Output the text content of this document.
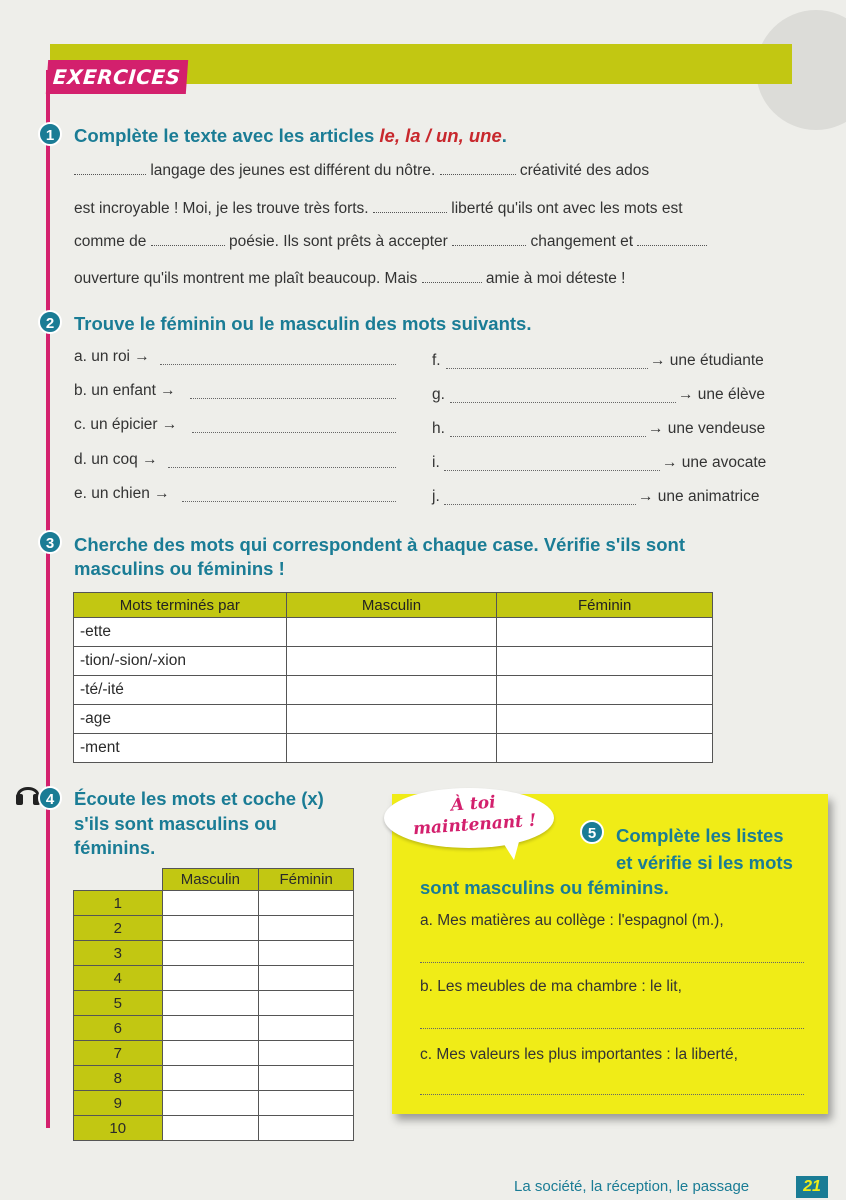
EXERCICES
1	Complète le texte avec les articles le, la / un, une.
langage des jeunes est différent du nôtre.	créativité des ados
est incroyable ! Moi, je les trouve très forts.	liberté qu'ils ont avec les mots est
comme de	poésie. Ils sont prêts à accepter	changement et
ouverture qu'ils montrent me plaît beaucoup. Mais	amie à moi déteste !
2	Trouve le féminin ou le masculin des mots suivants.
a. un roi →
b. un enfant →
c. un épicier →
d. un coq →
e. un chien →
f.	→ une étudiante
g.	→ une élève
h.	→ une vendeuse
i.	→ une avocate
j.	→ une animatrice
3	Cherche des mots qui correspondent à chaque case. Vérifie s'ils sont
masculins ou féminins !
Mots terminés par	Masculin	Féminin
-ette		
-tion/-sion/-xion		
-té/-ité		
-age		
-ment		
4	Écoute les mots et coche (x)
s'ils sont masculins ou
féminins.
	Masculin	Féminin
1		
2		
3		
4		
5		
6		
7		
8		
9		
10		
À toi
maintenant !	5	Complète les listes
et vérifie si les mots
sont masculins ou féminins.
a. Mes matières au collège : l'espagnol (m.),
b. Les meubles de ma chambre : le lit,
c. Mes valeurs les plus importantes : la liberté,
La société, la réception, le passage	21
